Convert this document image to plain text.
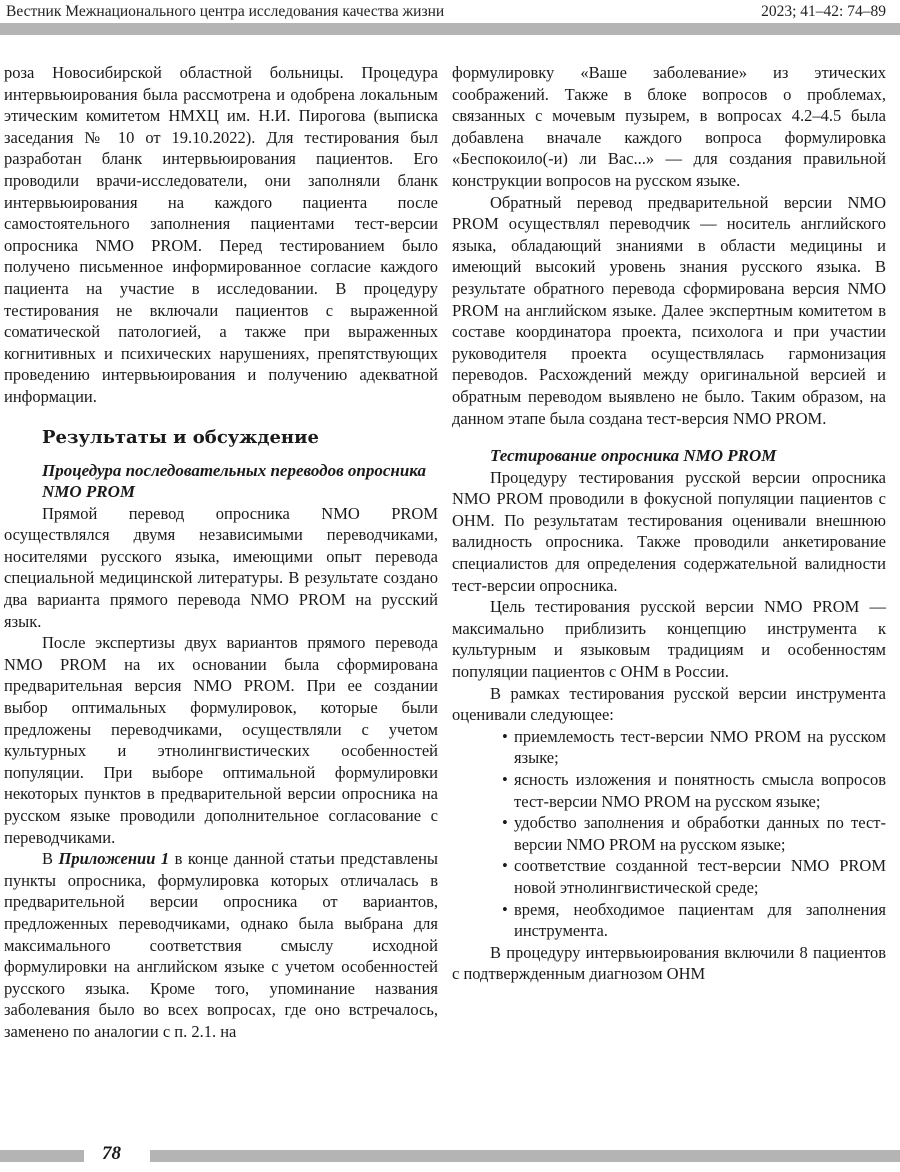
Вестник Межнационального центра исследования качества жизни	2023; 41–42: 74–89

роза Новосибирской областной больницы. Процедура интервьюирования была рассмотрена и одобрена локальным этическим комитетом НМХЦ им. Н.И. Пирогова (выписка заседания № 10 от 19.10.2022). Для тестирования был разработан бланк интервьюирования пациентов. Его проводили врачи-исследователи, они заполняли бланк интервьюирования на каждого пациента после самостоятельного заполнения пациентами тест-версии опросника NMO PROM. Перед тестированием было получено письменное информированное согласие каждого пациента на участие в исследовании. В процедуру тестирования не включали пациентов с выраженной соматической патологией, а также при выраженных когнитивных и психических нарушениях, препятствующих проведению интервьюирования и получению адекватной информации.

Результаты и обсуждение
Процедура последовательных переводов опросника NMO PROM

Прямой перевод опросника NMO PROM осуществлялся двумя независимыми переводчиками, носителями русского языка, имеющими опыт перевода специальной медицинской литературы. В результате создано два варианта прямого перевода NMO PROM на русский язык.

После экспертизы двух вариантов прямого перевода NMO PROM на их основании была сформирована предварительная версия NMO PROM. При ее создании выбор оптимальных формулировок, которые были предложены переводчиками, осуществляли с учетом культурных и этнолингвистических особенностей популяции. При выборе оптимальной формулировки некоторых пунктов в предварительной версии опросника на русском языке проводили дополнительное согласование с переводчиками.

В Приложении 1 в конце данной статьи представлены пункты опросника, формулировка которых отличалась в предварительной версии опросника от вариантов, предложенных переводчиками, однако была выбрана для максимального соответствия смыслу исходной формулировки на английском языке с учетом особенностей русского языка. Кроме того, упоминание названия заболевания было во всех вопросах, где оно встречалось, заменено по аналогии с п. 2.1. на

формулировку «Ваше заболевание» из этических соображений. Также в блоке вопросов о проблемах, связанных с мочевым пузырем, в вопросах 4.2–4.5 была добавлена вначале каждого вопроса формулировка «Беспокоило(-и) ли Вас...» — для создания правильной конструкции вопросов на русском языке.

Обратный перевод предварительной версии NMO PROM осуществлял переводчик — носитель английского языка, обладающий знаниями в области медицины и имеющий высокий уровень знания русского языка. В результате обратного перевода сформирована версия NMO PROM на английском языке. Далее экспертным комитетом в составе координатора проекта, психолога и при участии руководителя проекта осуществлялась гармонизация переводов. Расхождений между оригинальной версией и обратным переводом выявлено не было. Таким образом, на данном этапе была создана тест-версия NMO PROM.

Тестирование опросника NMO PROM

Процедуру тестирования русской версии опросника NMO PROM проводили в фокусной популяции пациентов с ОНМ. По результатам тестирования оценивали внешнюю валидность опросника. Также проводили анкетирование специалистов для определения содержательной валидности тест-версии опросника.

Цель тестирования русской версии NMO PROM — максимально приблизить концепцию инструмента к культурным и языковым традициям и особенностям популяции пациентов с ОНМ в России.

В рамках тестирования русской версии инструмента оценивали следующее:

• приемлемость тест-версии NMO PROM на русском языке;
• ясность изложения и понятность смысла вопросов тест-версии NMO PROM на русском языке;
• удобство заполнения и обработки данных по тест-версии NMO PROM на русском языке;
• соответствие созданной тест-версии NMO PROM новой этнолингвистической среде;
• время, необходимое пациентам для заполнения инструмента.

В процедуру интервьюирования включили 8 пациентов с подтвержденным диагнозом ОНМ

78
